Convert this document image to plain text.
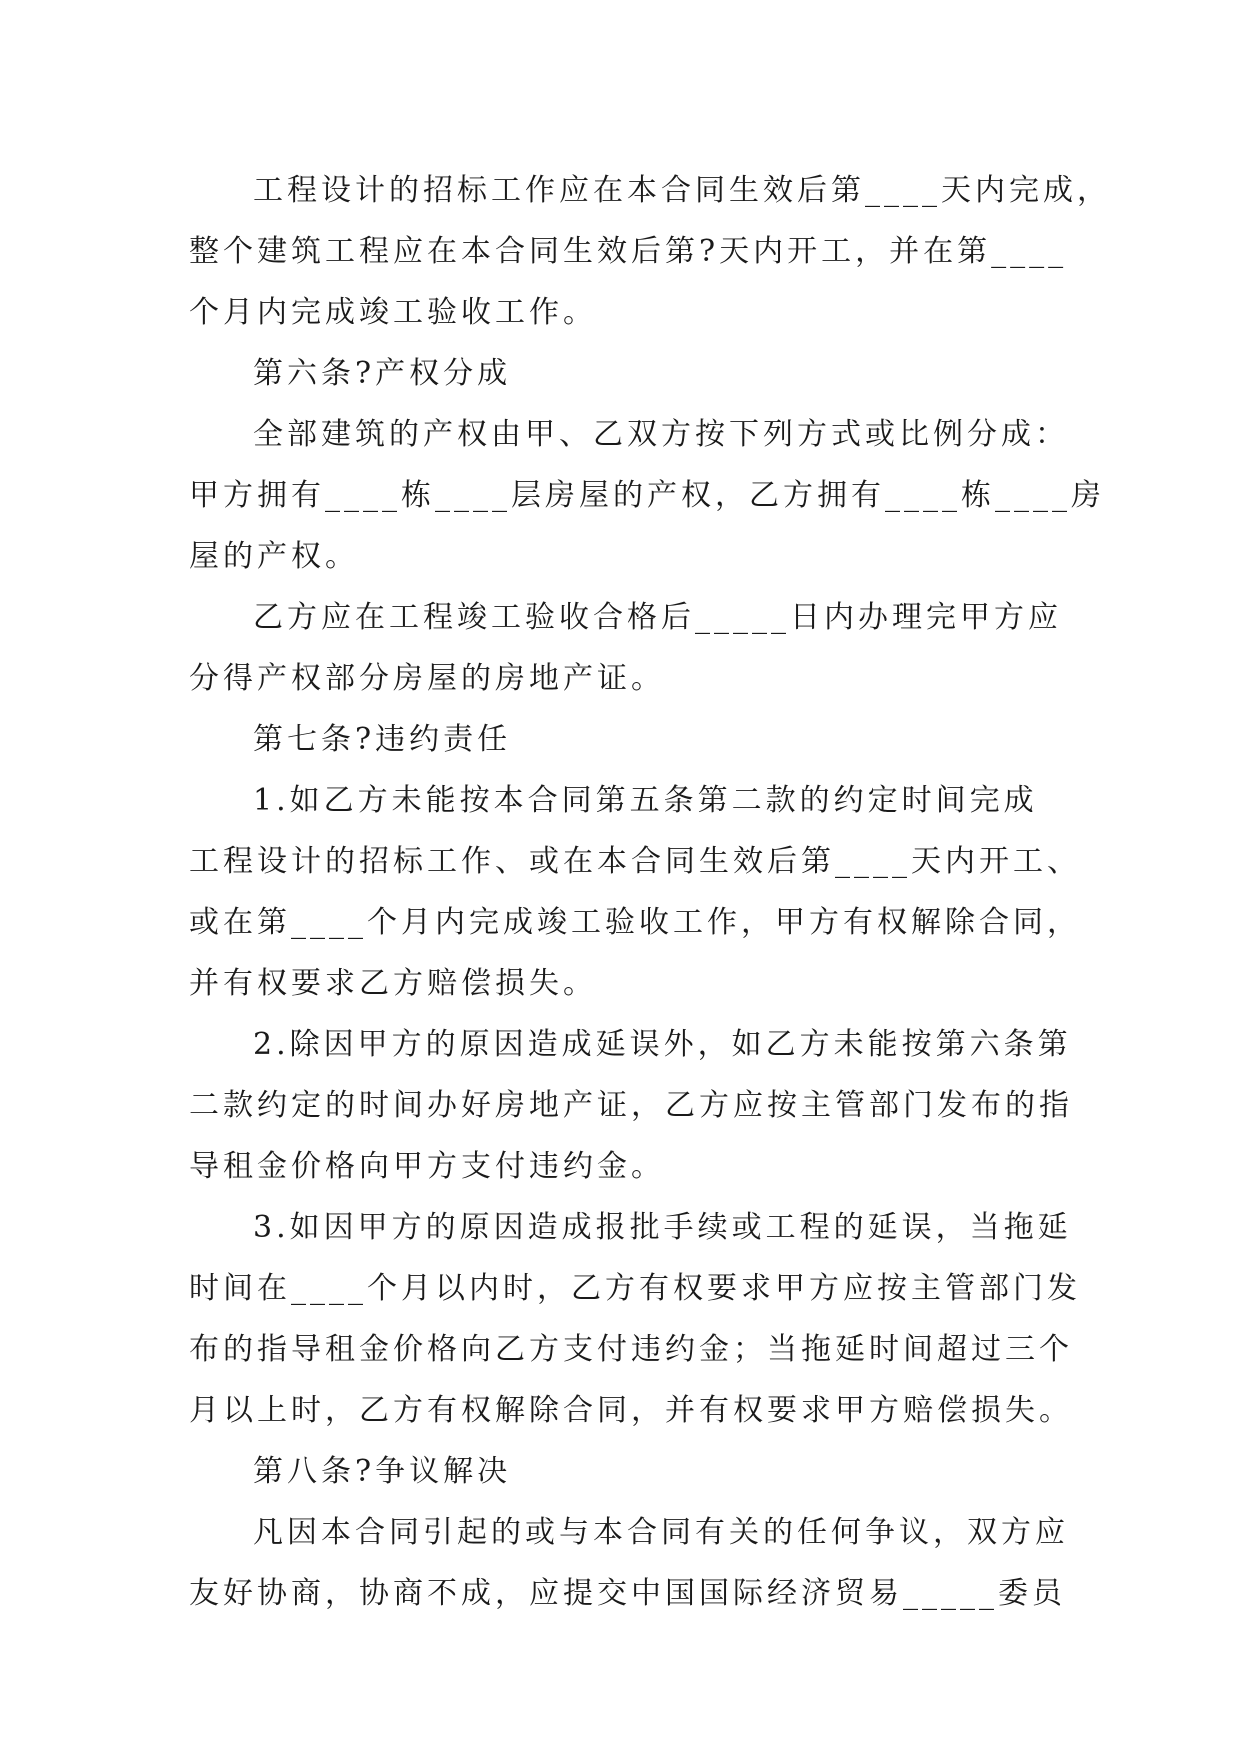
工程设计的招标工作应在本合同生效后第____天内完成，
整个建筑工程应在本合同生效后第?天内开工，并在第____
个月内完成竣工验收工作。
第六条?产权分成
全部建筑的产权由甲、乙双方按下列方式或比例分成：
甲方拥有____栋____层房屋的产权，乙方拥有____栋____房
屋的产权。
乙方应在工程竣工验收合格后_____日内办理完甲方应
分得产权部分房屋的房地产证。
第七条?违约责任
1.如乙方未能按本合同第五条第二款的约定时间完成
工程设计的招标工作、或在本合同生效后第____天内开工、
或在第____个月内完成竣工验收工作，甲方有权解除合同，
并有权要求乙方赔偿损失。
2.除因甲方的原因造成延误外，如乙方未能按第六条第
二款约定的时间办好房地产证，乙方应按主管部门发布的指
导租金价格向甲方支付违约金。
3.如因甲方的原因造成报批手续或工程的延误，当拖延
时间在____个月以内时，乙方有权要求甲方应按主管部门发
布的指导租金价格向乙方支付违约金；当拖延时间超过三个
月以上时，乙方有权解除合同，并有权要求甲方赔偿损失。
第八条?争议解决
凡因本合同引起的或与本合同有关的任何争议，双方应
友好协商，协商不成，应提交中国国际经济贸易_____委员
